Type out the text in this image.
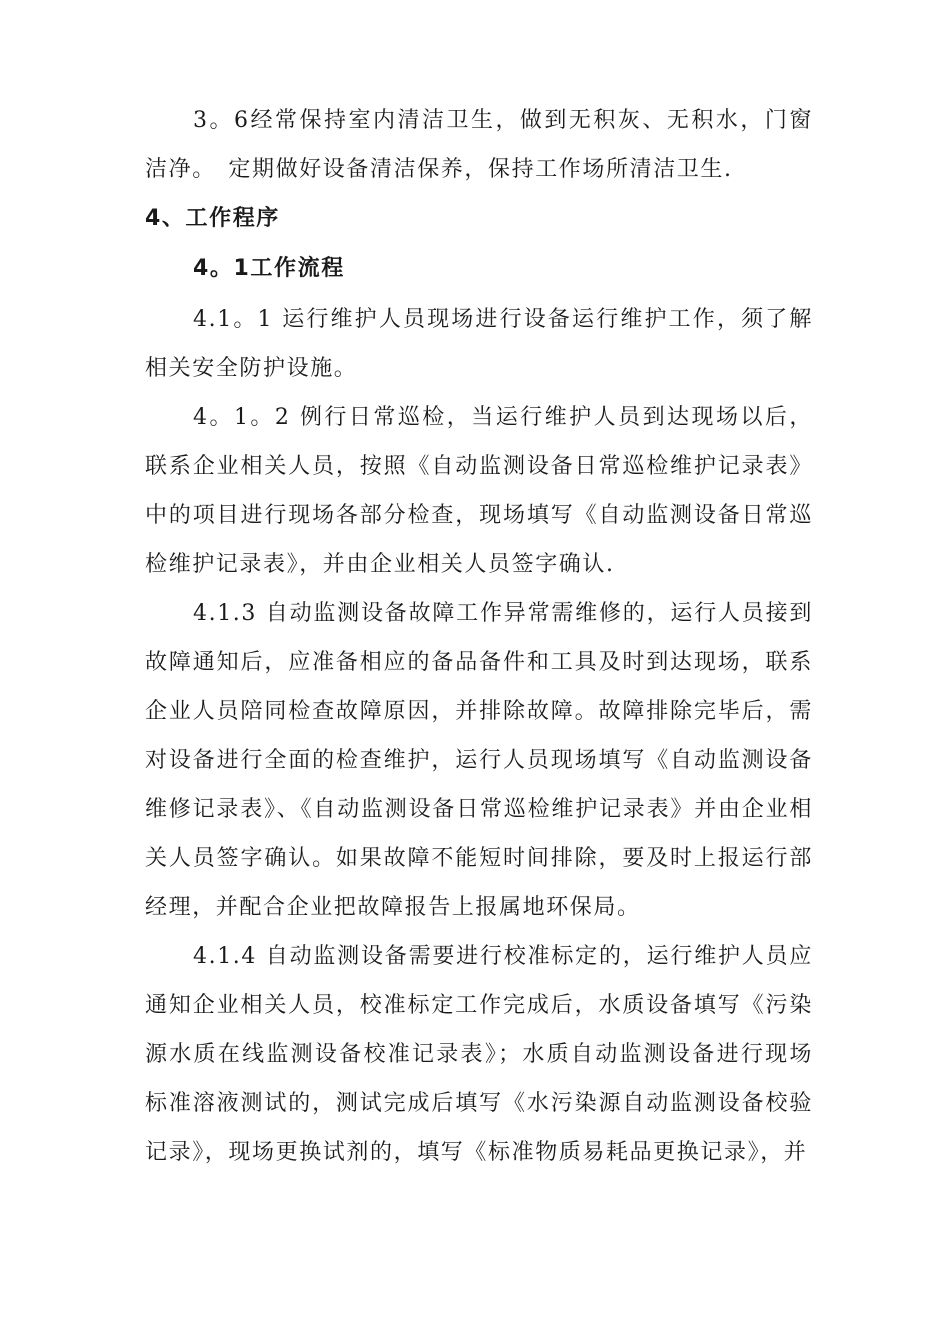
3。6经常保持室内清洁卫生，做到无积灰、无积水，门窗洁净。　定期做好设备清洁保养，保持工作场所清洁卫生.

4、工作程序

4。1工作流程

4.1。1 运行维护人员现场进行设备运行维护工作，须了解相关安全防护设施。

4。1。2 例行日常巡检，当运行维护人员到达现场以后，联系企业相关人员，按照《自动监测设备日常巡检维护记录表》中的项目进行现场各部分检查，现场填写《自动监测设备日常巡检维护记录表》，并由企业相关人员签字确认.

4.1.3 自动监测设备故障工作异常需维修的，运行人员接到故障通知后，应准备相应的备品备件和工具及时到达现场，联系企业人员陪同检查故障原因，并排除故障。故障排除完毕后，需对设备进行全面的检查维护，运行人员现场填写《自动监测设备维修记录表》、《自动监测设备日常巡检维护记录表》并由企业相关人员签字确认。如果故障不能短时间排除，要及时上报运行部经理，并配合企业把故障报告上报属地环保局。

4.1.4 自动监测设备需要进行校准标定的，运行维护人员应通知企业相关人员，校准标定工作完成后，水质设备填写《污染源水质在线监测设备校准记录表》；水质自动监测设备进行现场标准溶液测试的，测试完成后填写《水污染源自动监测设备校验记录》，现场更换试剂的，填写《标准物质易耗品更换记录》，并
